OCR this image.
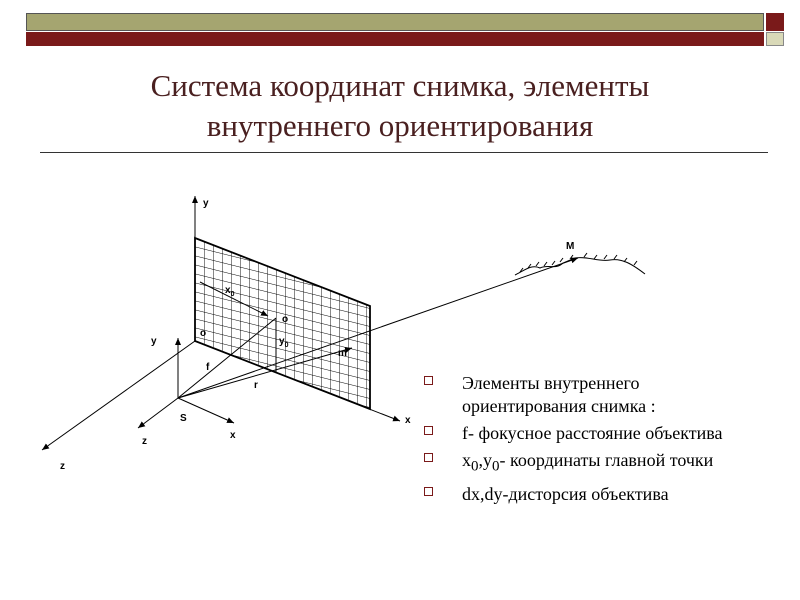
Система координат снимка, элементы
внутреннего ориентирования
y
x
y
x
z
z
S
f
r
o
o
$x_0$
$y_0$
m
M
Элементы внутреннего ориентирования снимка :
f- фокусное расстояние объектива
$x_0,y_0-$ координаты главной точки
dx,dy-дисторсия объектива
